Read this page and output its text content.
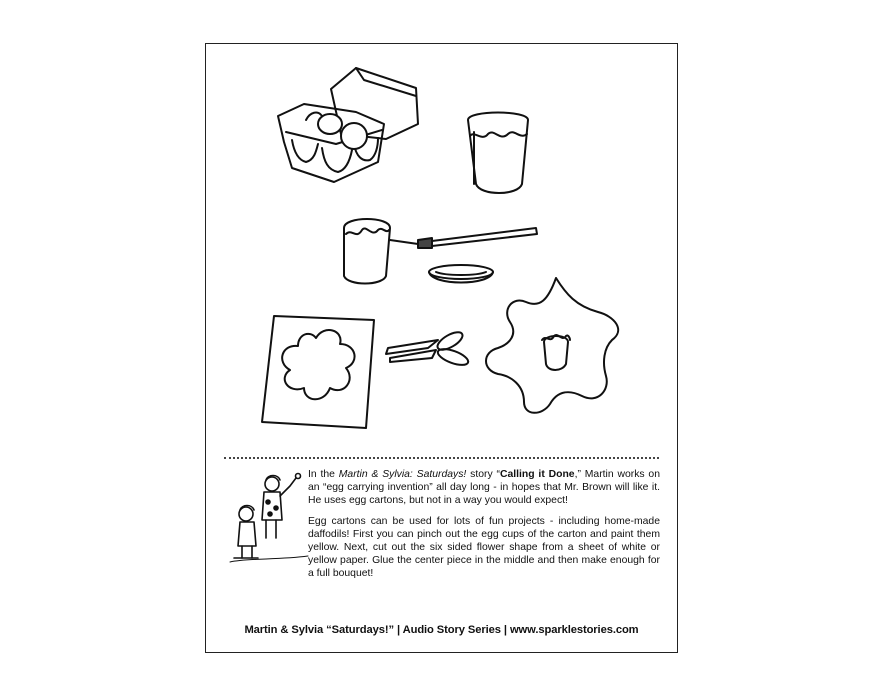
In the Martin & Sylvia: Saturdays! story “Calling it Done,” Martin works on an “egg carrying invention” all day long - in hopes that Mr. Brown will like it. He uses egg cartons, but not in a way you would expect!

Egg cartons can be used for lots of fun projects - including home-made daffodils! First you can pinch out the egg cups of the carton and paint them yellow. Next, cut out the six sided flower shape from a sheet of white or yellow paper. Glue the center piece in the middle and then make enough for a full bouquet!

Martin & Sylvia “Saturdays!” | Audio Story Series | www.sparklestories.com
